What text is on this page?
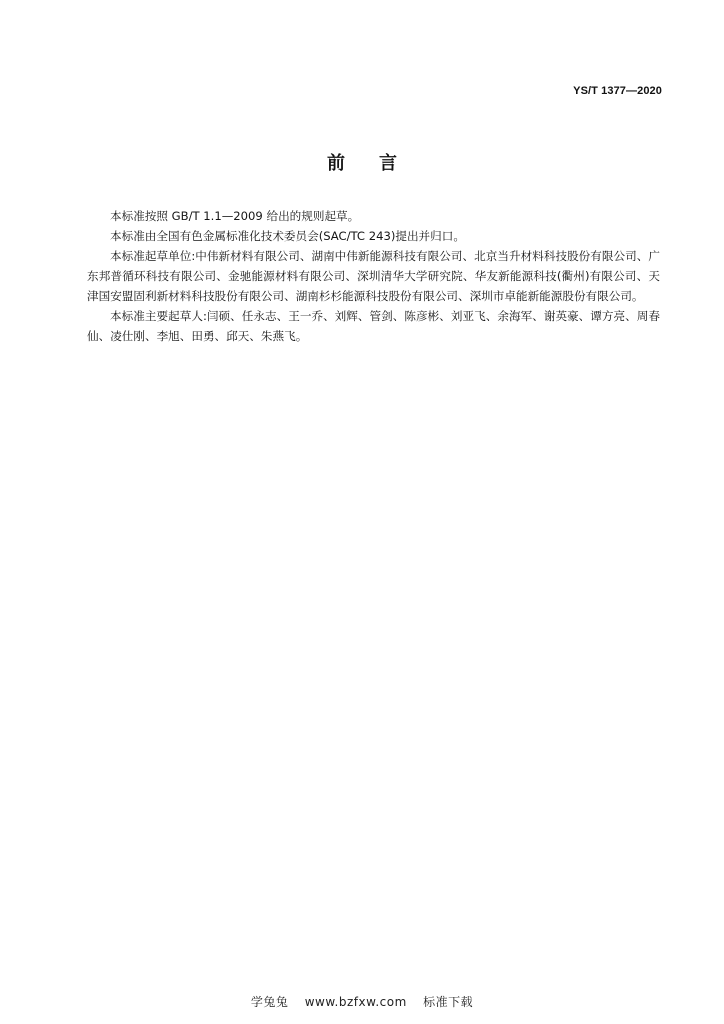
YS/T 1377—2020
前言

本标准按照 GB/T 1.1—2009 给出的规则起草。

本标准由全国有色金属标准化技术委员会(SAC/TC 243)提出并归口。

本标准起草单位:中伟新材料有限公司、湖南中伟新能源科技有限公司、北京当升材料科技股份有限公司、广东邦普循环科技有限公司、金驰能源材料有限公司、深圳清华大学研究院、华友新能源科技(衢州)有限公司、天津国安盟固利新材料科技股份有限公司、湖南杉杉能源科技股份有限公司、深圳市卓能新能源股份有限公司。

本标准主要起草人:闫硕、任永志、王一乔、刘辉、管剑、陈彦彬、刘亚飞、余海军、谢英豪、谭方亮、周春仙、凌仕刚、李旭、田勇、邱天、朱燕飞。

学兔兔 www.bzfxw.com 标准下载
